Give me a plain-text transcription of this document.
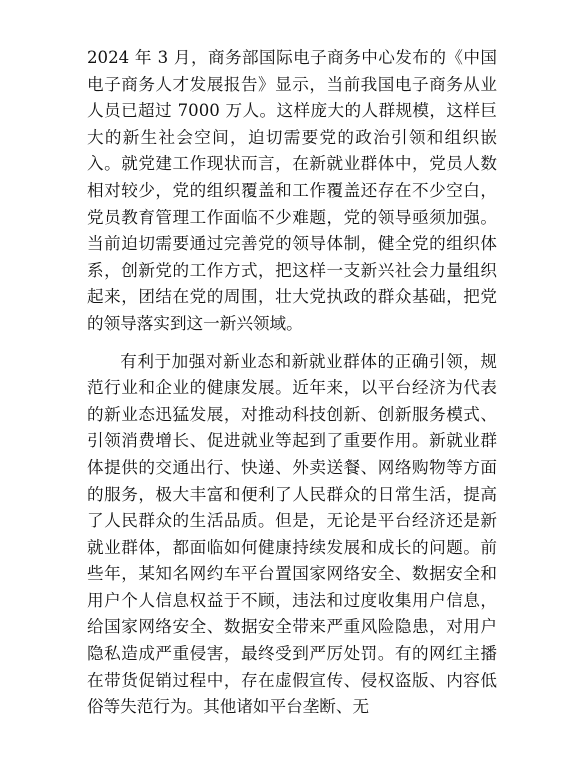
2024 年 3 月，商务部国际电子商务中心发布的《中国电子商务人才发展报告》显示，当前我国电子商务从业人员已超过 7000 万人。这样庞大的人群规模，这样巨大的新生社会空间，迫切需要党的政治引领和组织嵌入。就党建工作现状而言，在新就业群体中，党员人数相对较少，党的组织覆盖和工作覆盖还存在不少空白，党员教育管理工作面临不少难题，党的领导亟须加强。当前迫切需要通过完善党的领导体制，健全党的组织体系，创新党的工作方式，把这样一支新兴社会力量组织起来，团结在党的周围，壮大党执政的群众基础，把党的领导落实到这一新兴领域。

有利于加强对新业态和新就业群体的正确引领，规范行业和企业的健康发展。近年来，以平台经济为代表的新业态迅猛发展，对推动科技创新、创新服务模式、引领消费增长、促进就业等起到了重要作用。新就业群体提供的交通出行、快递、外卖送餐、网络购物等方面的服务，极大丰富和便利了人民群众的日常生活，提高了人民群众的生活品质。但是，无论是平台经济还是新就业群体，都面临如何健康持续发展和成长的问题。前些年，某知名网约车平台置国家网络安全、数据安全和用户个人信息权益于不顾，违法和过度收集用户信息，给国家网络安全、数据安全带来严重风险隐患，对用户隐私造成严重侵害，最终受到严厉处罚。有的网红主播在带货促销过程中，存在虚假宣传、侵权盗版、内容低俗等失范行为。其他诸如平台垄断、无
